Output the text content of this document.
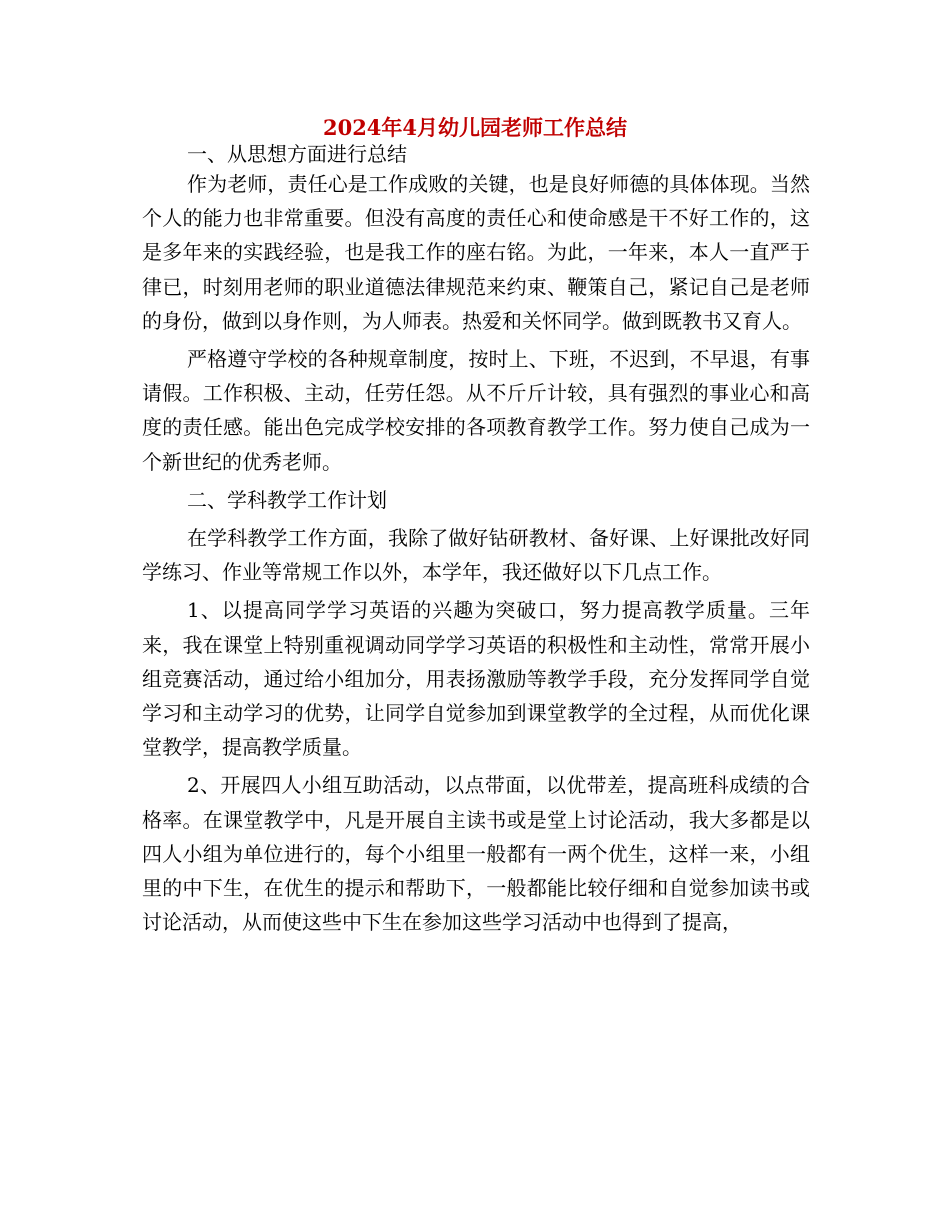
2024年4月幼儿园老师工作总结

一、从思想方面进行总结

作为老师，责任心是工作成败的关键，也是良好师德的具体体现。当然个人的能力也非常重要。但没有高度的责任心和使命感是干不好工作的，这是多年来的实践经验，也是我工作的座右铭。为此，一年来，本人一直严于律已，时刻用老师的职业道德法律规范来约束、鞭策自己，紧记自己是老师的身份，做到以身作则，为人师表。热爱和关怀同学。做到既教书又育人。

严格遵守学校的各种规章制度，按时上、下班，不迟到，不早退，有事请假。工作积极、主动，任劳任怨。从不斤斤计较，具有强烈的事业心和高度的责任感。能出色完成学校安排的各项教育教学工作。努力使自己成为一个新世纪的优秀老师。

二、学科教学工作计划

在学科教学工作方面，我除了做好钻研教材、备好课、上好课批改好同学练习、作业等常规工作以外，本学年，我还做好以下几点工作。

1、以提高同学学习英语的兴趣为突破口，努力提高教学质量。三年来，我在课堂上特别重视调动同学学习英语的积极性和主动性，常常开展小组竞赛活动，通过给小组加分，用表扬激励等教学手段，充分发挥同学自觉学习和主动学习的优势，让同学自觉参加到课堂教学的全过程，从而优化课堂教学，提高教学质量。

2、开展四人小组互助活动，以点带面，以优带差，提高班科成绩的合格率。在课堂教学中，凡是开展自主读书或是堂上讨论活动，我大多都是以四人小组为单位进行的，每个小组里一般都有一两个优生，这样一来，小组里的中下生，在优生的提示和帮助下，一般都能比较仔细和自觉参加读书或讨论活动，从而使这些中下生在参加这些学习活动中也得到了提高，
